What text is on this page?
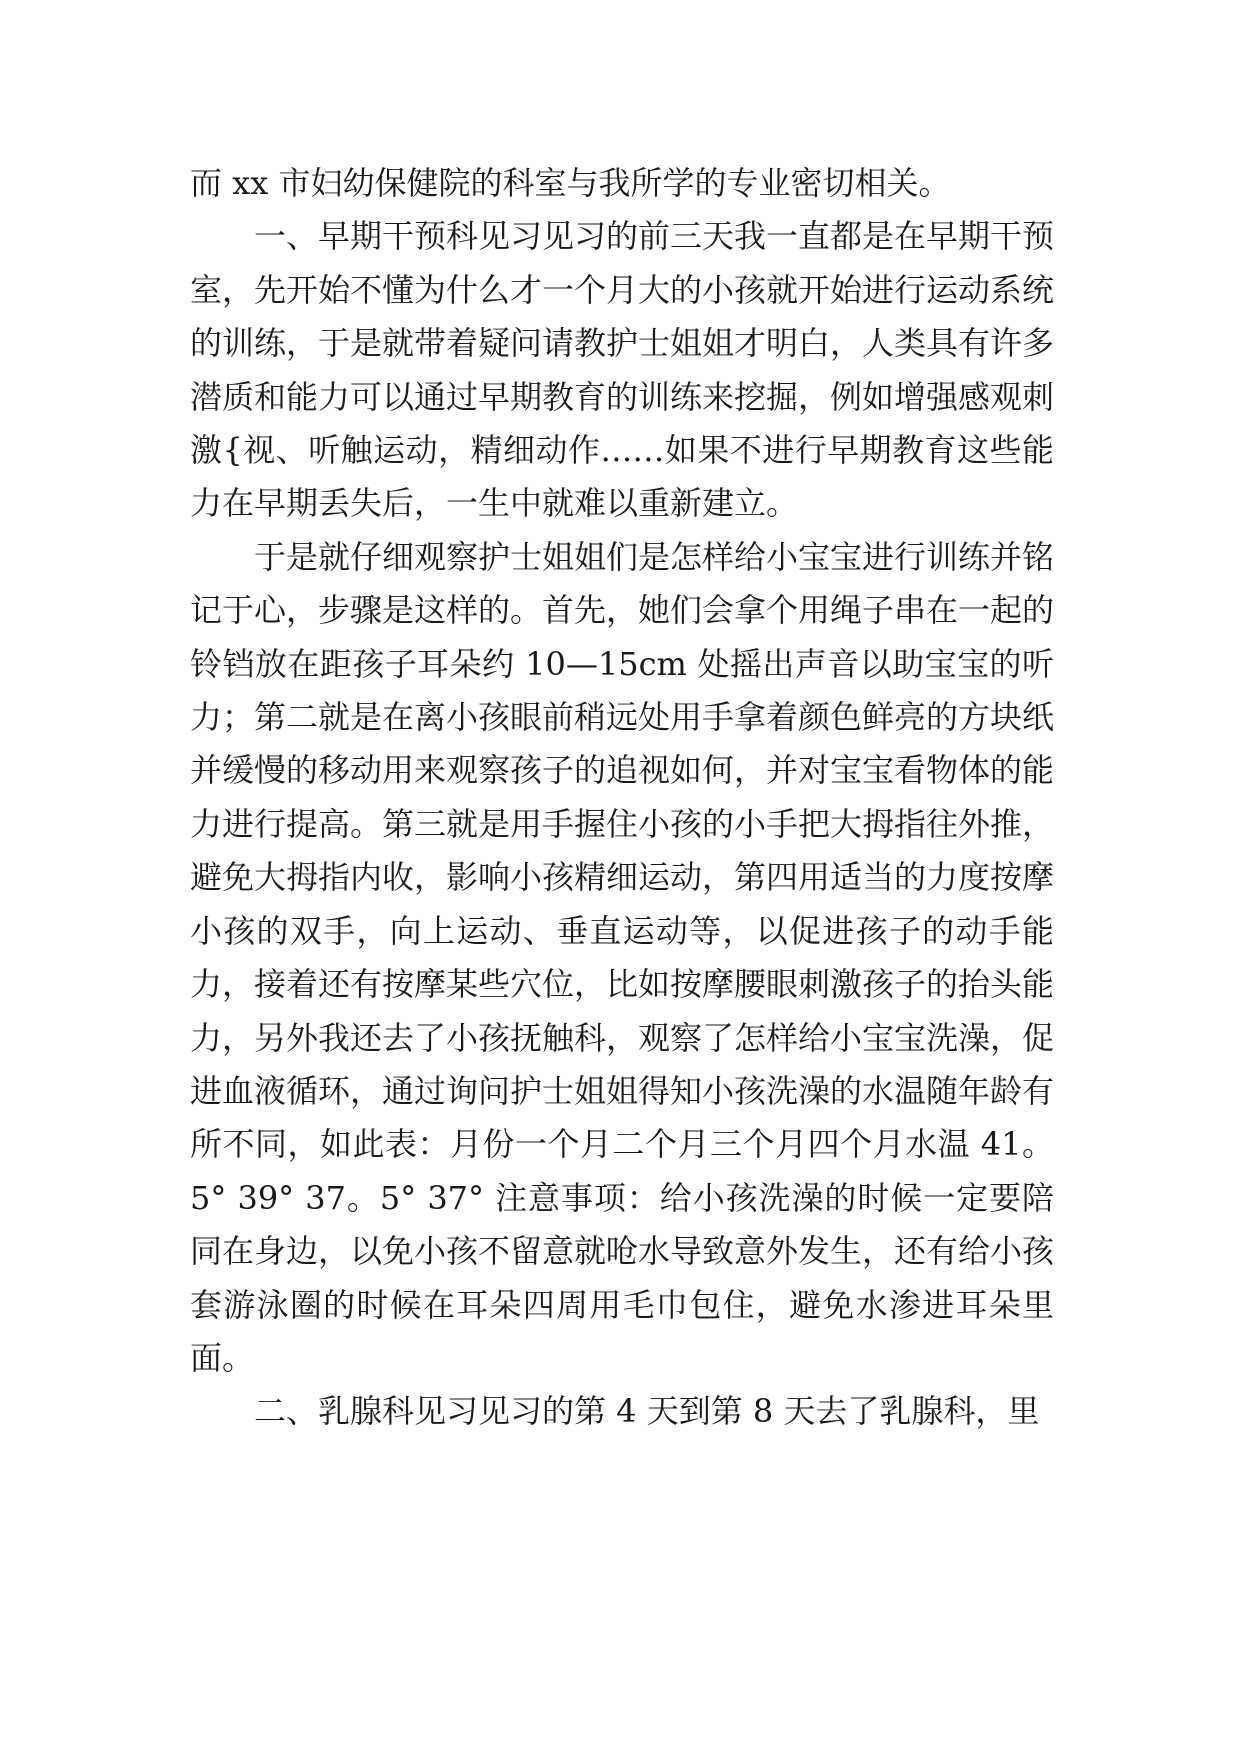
而 xx 市妇幼保健院的科室与我所学的专业密切相关。

一、早期干预科见习见习的前三天我一直都是在早期干预室，先开始不懂为什么才一个月大的小孩就开始进行运动系统的训练，于是就带着疑问请教护士姐姐才明白，人类具有许多潜质和能力可以通过早期教育的训练来挖掘，例如增强感观刺激{视、听触运动，精细动作……如果不进行早期教育这些能力在早期丢失后，一生中就难以重新建立。

于是就仔细观察护士姐姐们是怎样给小宝宝进行训练并铭记于心，步骤是这样的。首先，她们会拿个用绳子串在一起的铃铛放在距孩子耳朵约 10—15cm 处摇出声音以助宝宝的听力；第二就是在离小孩眼前稍远处用手拿着颜色鲜亮的方块纸并缓慢的移动用来观察孩子的追视如何，并对宝宝看物体的能力进行提高。第三就是用手握住小孩的小手把大拇指往外推，避免大拇指内收，影响小孩精细运动，第四用适当的力度按摩小孩的双手，向上运动、垂直运动等，以促进孩子的动手能力，接着还有按摩某些穴位，比如按摩腰眼刺激孩子的抬头能力，另外我还去了小孩抚触科，观察了怎样给小宝宝洗澡，促进血液循环，通过询问护士姐姐得知小孩洗澡的水温随年龄有所不同，如此表：月份一个月二个月三个月四个月水温 41。5° 39° 37。5° 37° 注意事项：给小孩洗澡的时候一定要陪同在身边，以免小孩不留意就呛水导致意外发生，还有给小孩套游泳圈的时候在耳朵四周用毛巾包住，避免水渗进耳朵里面。

二、乳腺科见习见习的第 4 天到第 8 天去了乳腺科，里
